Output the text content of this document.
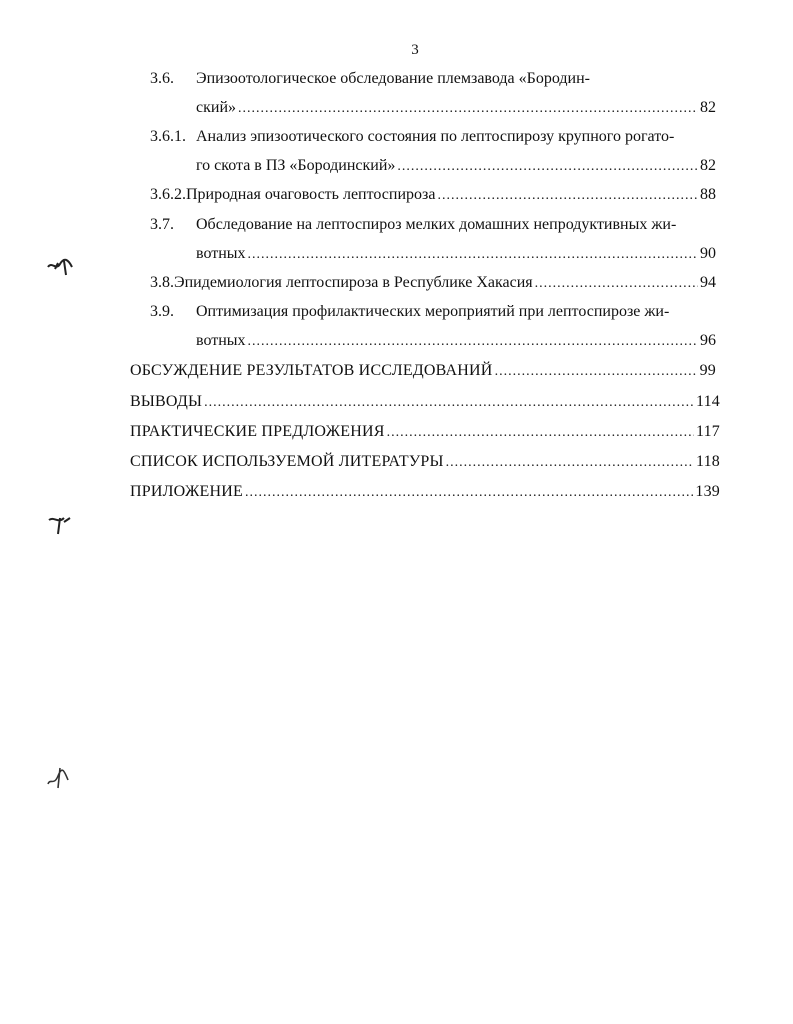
3
3.6.	Эпизоотологическое обследование племзавода «Бородин-
ский» .....	82
3.6.1. Анализ эпизоотического состояния по лептоспирозу крупного рогато-
го скота в ПЗ «Бородинский» .....	82
3.6.2. Природная очаговость лептоспироза .....	88
3.7.	Обследование на лептоспироз мелких домашних непродуктивных жи-
вотных .....	90
3.8. Эпидемиология лептоспироза в Республике Хакасия .....	94
3.9.	Оптимизация профилактических мероприятий при лептоспирозе жи-
вотных .....	96
ОБСУЖДЕНИЕ РЕЗУЛЬТАТОВ ИССЛЕДОВАНИЙ .....	99
ВЫВОДЫ .....	114
ПРАКТИЧЕСКИЕ ПРЕДЛОЖЕНИЯ .....	117
СПИСОК ИСПОЛЬЗУЕМОЙ ЛИТЕРАТУРЫ .....	118
ПРИЛОЖЕНИЕ .....	139
